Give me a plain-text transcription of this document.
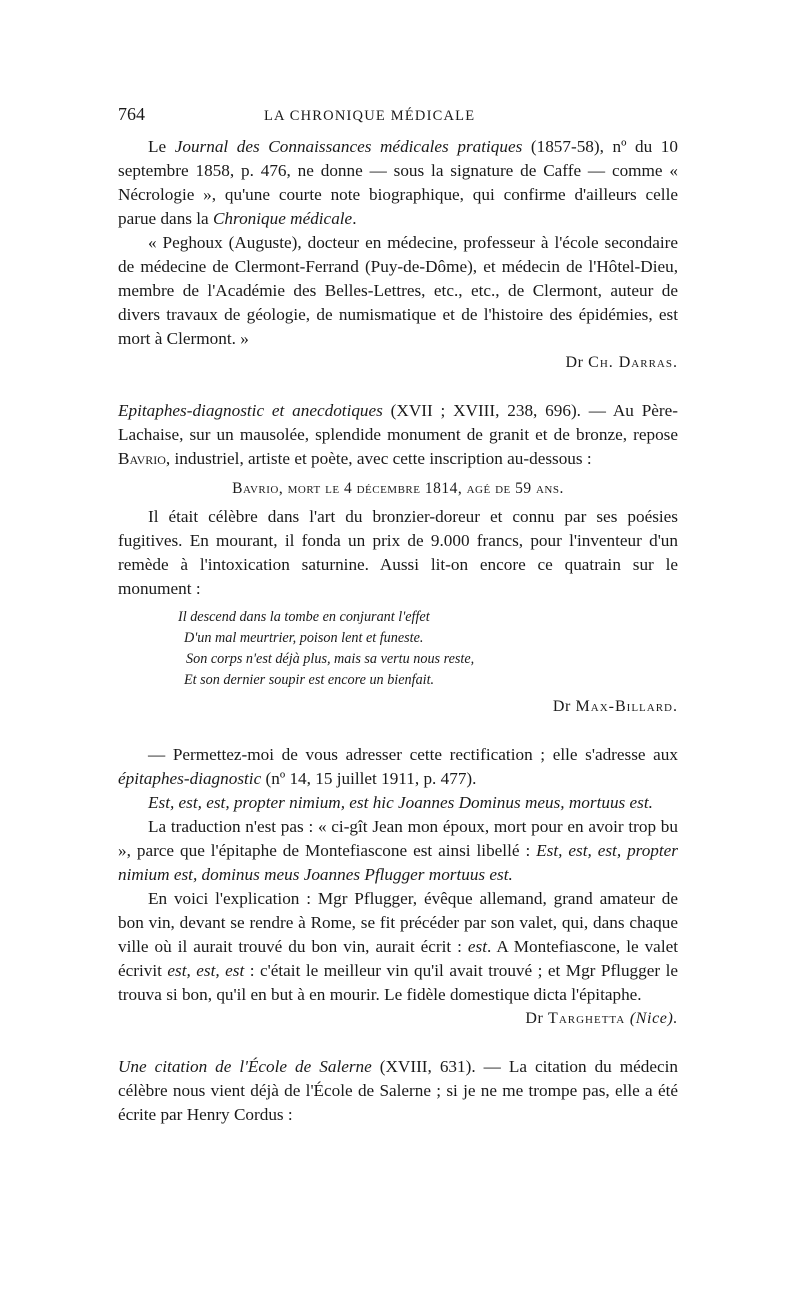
764	LA CHRONIQUE MÉDICALE

Le Journal des Connaissances médicales pratiques (1857-58), nº du 10 septembre 1858, p. 476, ne donne — sous la signature de Caffe — comme « Nécrologie », qu'une courte note biographique, qui confirme d'ailleurs celle parue dans la Chronique médicale.

« Peghoux (Auguste), docteur en médecine, professeur à l'école secondaire de médecine de Clermont-Ferrand (Puy-de-Dôme), et médecin de l'Hôtel-Dieu, membre de l'Académie des Belles-Lettres, etc., etc., de Clermont, auteur de divers travaux de géologie, de numismatique et de l'histoire des épidémies, est mort à Clermont. »

Dr Ch. Darras.

Epitaphes-diagnostic et anecdotiques (XVII ; XVIII, 238, 696). — Au Père-Lachaise, sur un mausolée, splendide monument de granit et de bronze, repose Bavrio, industriel, artiste et poète, avec cette inscription au-dessous :

Bavrio, mort le 4 décembre 1814, agé de 59 ans.

Il était célèbre dans l'art du bronzier-doreur et connu par ses poésies fugitives. En mourant, il fonda un prix de 9.000 francs, pour l'inventeur d'un remède à l'intoxication saturnine. Aussi lit-on encore ce quatrain sur le monument :

Il descend dans la tombe en conjurant l'effet
D'un mal meurtrier, poison lent et funeste.
Son corps n'est déjà plus, mais sa vertu nous reste,
Et son dernier soupir est encore un bienfait.

Dr Max-Billard.

— Permettez-moi de vous adresser cette rectification ; elle s'adresse aux épitaphes-diagnostic (nº 14, 15 juillet 1911, p. 477).

Est, est, est, propter nimium, est hic Joannes Dominus meus, mortuus est.

La traduction n'est pas : « ci-gît Jean mon époux, mort pour en avoir trop bu », parce que l'épitaphe de Montefiascone est ainsi libellé : Est, est, est, propter nimium est, dominus meus Joannes Pflugger mortuus est.

En voici l'explication : Mgr Pflugger, évêque allemand, grand amateur de bon vin, devant se rendre à Rome, se fit précéder par son valet, qui, dans chaque ville où il aurait trouvé du bon vin, aurait écrit : est. A Montefiascone, le valet écrivit est, est, est : c'était le meilleur vin qu'il avait trouvé ; et Mgr Pflugger le trouva si bon, qu'il en but à en mourir. Le fidèle domestique dicta l'épitaphe.

Dr Targhetta (Nice).

Une citation de l'École de Salerne (XVIII, 631). — La citation du médecin célèbre nous vient déjà de l'École de Salerne ; si je ne me trompe pas, elle a été écrite par Henry Cordus :
